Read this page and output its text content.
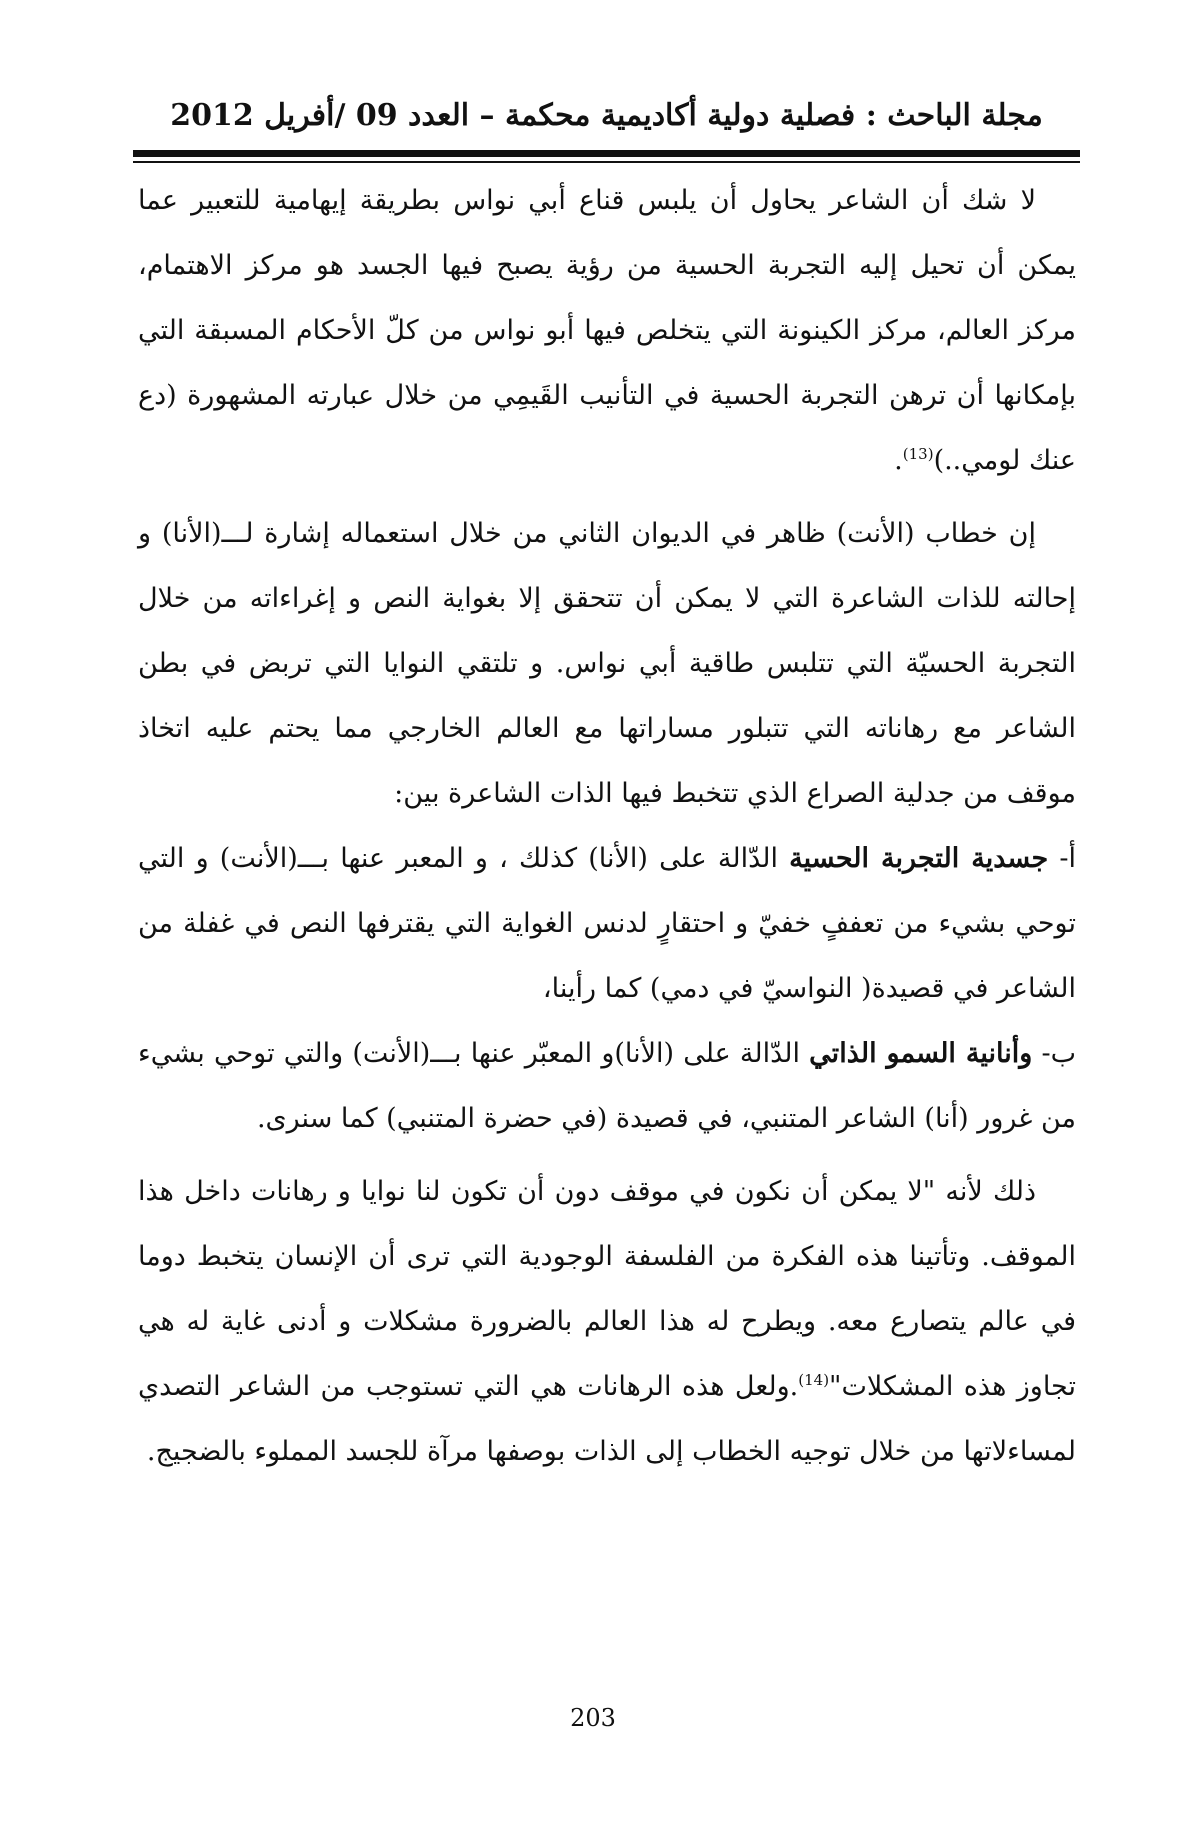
مجلة الباحث : فصلية دولية أكاديمية محكمة – العدد 09 /أفريل 2012

لا شك أن الشاعر يحاول أن يلبس قناع أبي نواس بطريقة إيهامية للتعبير عما يمكن أن تحيل إليه التجربة الحسية من رؤية يصبح فيها الجسد هو مركز الاهتمام، مركز العالم، مركز الكينونة التي يتخلص فيها أبو نواس من كلّ الأحكام المسبقة التي بإمكانها أن ترهن التجربة الحسية في التأنيب القَيمِي من خلال عبارته المشهورة (دع عنك لومي..)$^{(13)}$.

إن خطاب (الأنت) ظاهر في الديوان الثاني من خلال استعماله إشارة لـــ(الأنا) و إحالته للذات الشاعرة التي لا يمكن أن تتحقق إلا بغواية النص و إغراءاته من خلال التجربة الحسيّة التي تتلبس طاقية أبي نواس. و تلتقي النوايا التي تربض في بطن الشاعر مع رهاناته التي تتبلور مساراتها مع العالم الخارجي مما يحتم عليه اتخاذ موقف من جدلية الصراع الذي تتخبط فيها الذات الشاعرة بين:

أ- جسدية التجربة الحسية الدّالة على (الأنا) كذلك ، و المعبر عنها بـــ(الأنت) و التي توحي بشيء من تعففٍ خفيّ و احتقارٍ لدنس الغواية التي يقترفها النص في غفلة من الشاعر في قصيدة( النواسيّ في دمي) كما رأينا،

ب- وأنانية السمو الذاتي الدّالة على (الأنا)و المعبّر عنها بـــ(الأنت) والتي توحي بشيء من غرور (أنا) الشاعر المتنبي، في قصيدة (في حضرة المتنبي) كما سنرى.

ذلك لأنه "لا يمكن أن نكون في موقف دون أن تكون لنا نوايا و رهانات داخل هذا الموقف. وتأتينا هذه الفكرة من الفلسفة الوجودية التي ترى أن الإنسان يتخبط دوما في عالم يتصارع معه. ويطرح له هذا العالم بالضرورة مشكلات و أدنى غاية له هي تجاوز هذه المشكلات"$^{(14)}$.ولعل هذه الرهانات هي التي تستوجب من الشاعر التصدي لمساءلاتها من خلال توجيه الخطاب إلى الذات بوصفها مرآة للجسد المملوء بالضجيج.

203
